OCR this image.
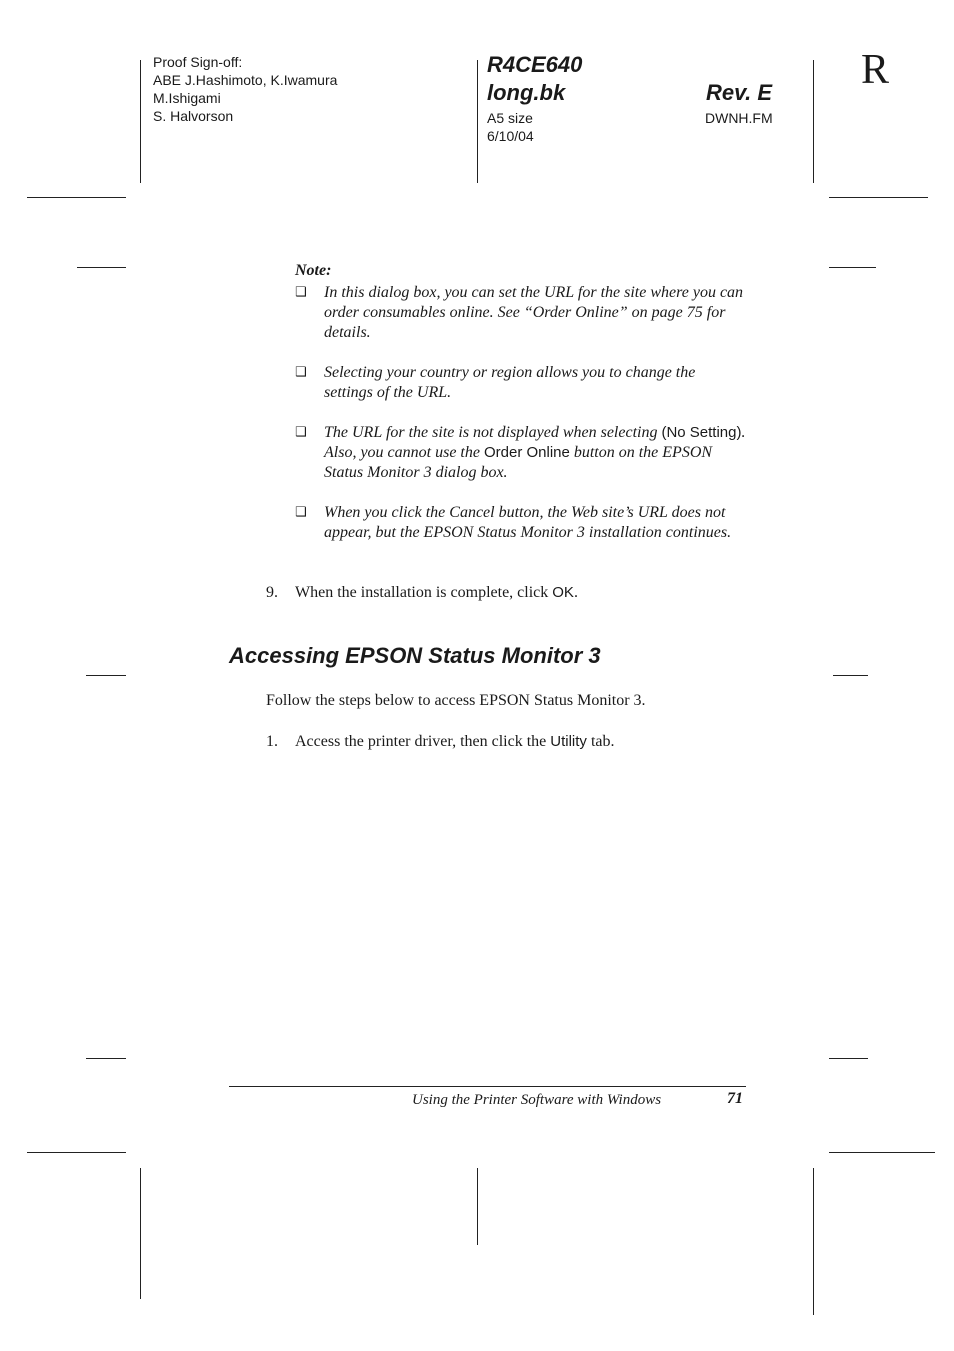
Proof Sign-off:
ABE J.Hashimoto, K.Iwamura
M.Ishigami
S. Halvorson
R4CE640
long.bk	Rev. E
A5 size
6/10/04
DWNH.FM
R
Note:
❑ In this dialog box, you can set the URL for the site where you can order consumables online. See “Order Online” on page 75 for details.
❑ Selecting your country or region allows you to change the settings of the URL.
❑ The URL for the site is not displayed when selecting (No Setting). Also, you cannot use the Order Online button on the EPSON Status Monitor 3 dialog box.
❑ When you click the Cancel button, the Web site’s URL does not appear, but the EPSON Status Monitor 3 installation continues.
9. When the installation is complete, click OK.
Accessing EPSON Status Monitor 3
Follow the steps below to access EPSON Status Monitor 3.
1. Access the printer driver, then click the Utility tab.
Using the Printer Software with Windows	71
